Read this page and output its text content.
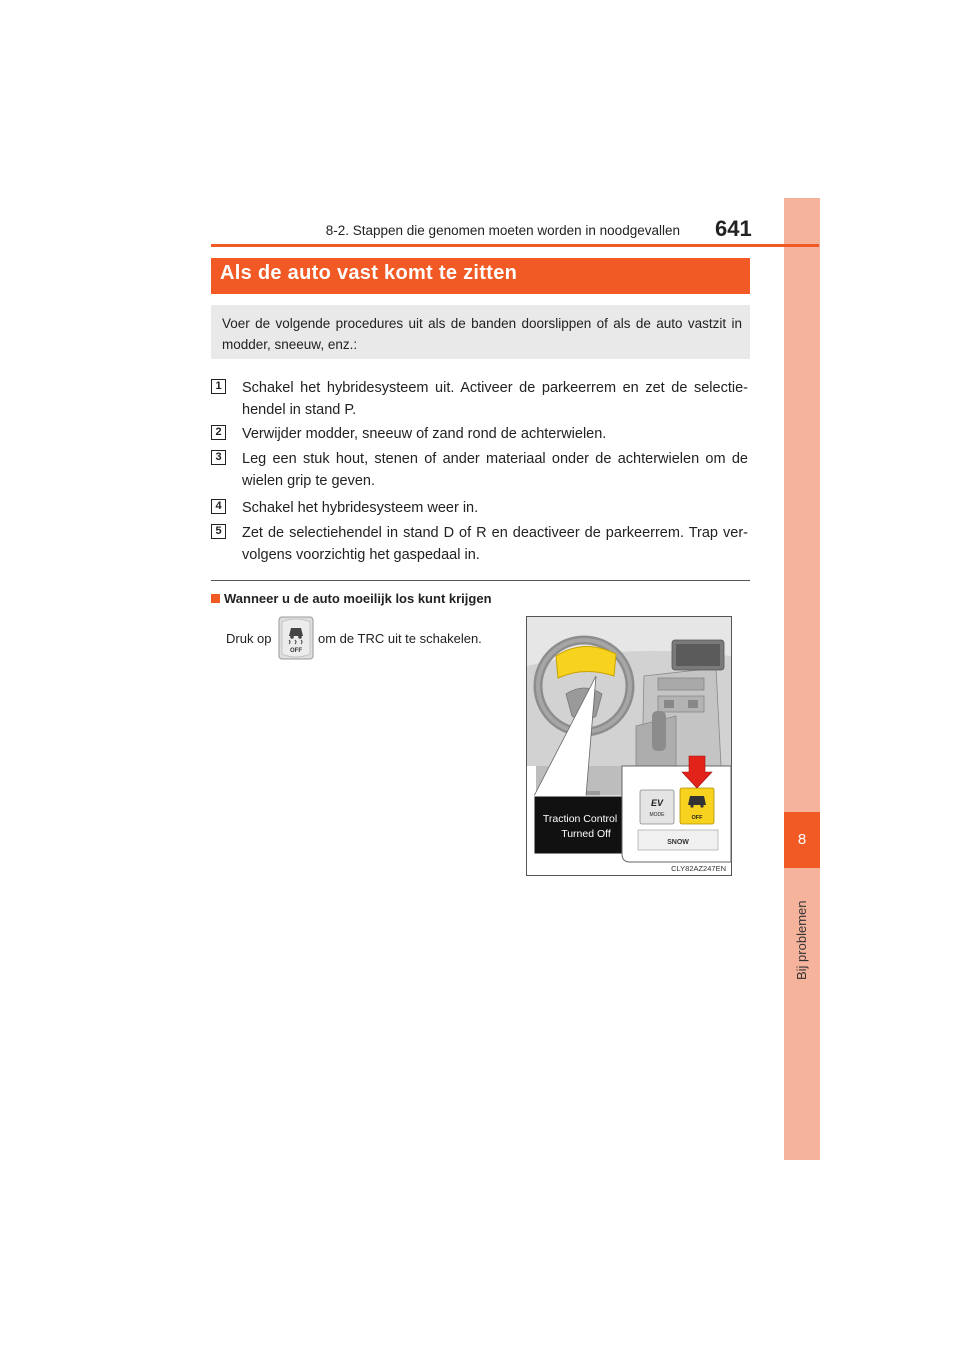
8
Bij problemen
8-2. Stappen die genomen moeten worden in noodgevallen 641
Als de auto vast komt te zitten

Voer de volgende procedures uit als de banden doorslippen of als de auto vastzit in modder, sneeuw, enz.:

1	Schakel het hybridesysteem uit. Activeer de parkeerrem en zet de selectiehendel in stand P.
2	Verwijder modder, sneeuw of zand rond de achterwielen.
3	Leg een stuk hout, stenen of ander materiaal onder de achterwielen om de wielen grip te geven.
4	Schakel het hybridesysteem weer in.
5	Zet de selectiehendel in stand D of R en deactiveer de parkeerrem. Trap vervolgens voorzichtig het gaspedaal in.
Wanneer u de auto moeilijk los kunt krijgen
Druk op
OFF
om de TRC uit te schakelen.
Traction Control
Turned Off
EV
MODE	OFF
SNOW
CLY82AZ247EN
